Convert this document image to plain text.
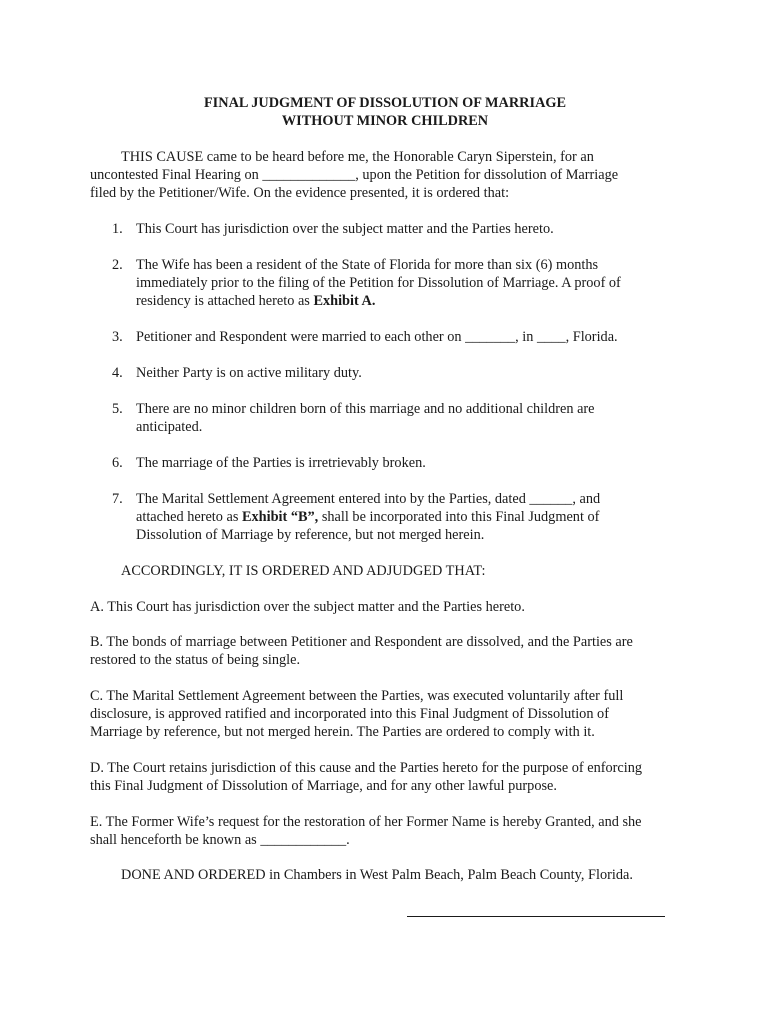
FINAL JUDGMENT OF DISSOLUTION OF MARRIAGE
WITHOUT MINOR CHILDREN
THIS CAUSE came to be heard before me, the Honorable Caryn Siperstein, for an
uncontested Final Hearing on _____________, upon the Petition for dissolution of Marriage
filed by the Petitioner/Wife. On the evidence presented, it is ordered that:
1. This Court has jurisdiction over the subject matter and the Parties hereto.
2. The Wife has been a resident of the State of Florida for more than six (6) months
immediately prior to the filing of the Petition for Dissolution of Marriage. A proof of
residency is attached hereto as Exhibit A.
3. Petitioner and Respondent were married to each other on _______, in ____, Florida.
4. Neither Party is on active military duty.
5. There are no minor children born of this marriage and no additional children are
anticipated.
6. The marriage of the Parties is irretrievably broken.
7. The Marital Settlement Agreement entered into by the Parties, dated ______, and
attached hereto as Exhibit “B”, shall be incorporated into this Final Judgment of
Dissolution of Marriage by reference, but not merged herein.
ACCORDINGLY, IT IS ORDERED AND ADJUDGED THAT:
A. This Court has jurisdiction over the subject matter and the Parties hereto.
B. The bonds of marriage between Petitioner and Respondent are dissolved, and the Parties are
restored to the status of being single.
C. The Marital Settlement Agreement between the Parties, was executed voluntarily after full
disclosure, is approved ratified and incorporated into this Final Judgment of Dissolution of
Marriage by reference, but not merged herein. The Parties are ordered to comply with it.
D. The Court retains jurisdiction of this cause and the Parties hereto for the purpose of enforcing
this Final Judgment of Dissolution of Marriage, and for any other lawful purpose.
E. The Former Wife’s request for the restoration of her Former Name is hereby Granted, and she
shall henceforth be known as ____________.
DONE AND ORDERED in Chambers in West Palm Beach, Palm Beach County, Florida.
